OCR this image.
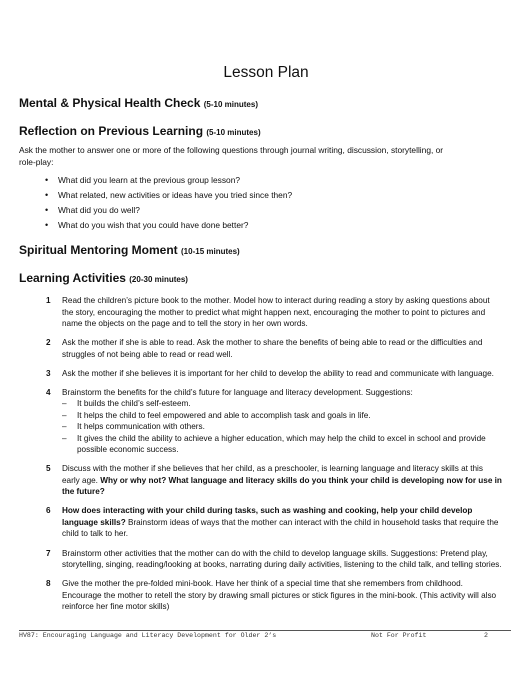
Lesson Plan
Mental & Physical Health Check (5-10 minutes)
Reflection on Previous Learning (5-10 minutes)
Ask the mother to answer one or more of the following questions through journal writing, discussion, storytelling, or role-play:
• What did you learn at the previous group lesson?
• What related, new activities or ideas have you tried since then?
• What did you do well?
• What do you wish that you could have done better?
Spiritual Mentoring Moment (10-15 minutes)
Learning Activities (20-30 minutes)
1 Read the children’s picture book to the mother. Model how to interact during reading a story by asking questions about the story, encouraging the mother to predict what might happen next, encouraging the mother to point to pictures and name the objects on the page and to tell the story in her own words.
2 Ask the mother if she is able to read. Ask the mother to share the benefits of being able to read or the difficulties and struggles of not being able to read or read well.
3 Ask the mother if she believes it is important for her child to develop the ability to read and communicate with language.
4 Brainstorm the benefits for the child’s future for language and literacy development. Suggestions:
– It builds the child’s self-esteem.
– It helps the child to feel empowered and able to accomplish task and goals in life.
– It helps communication with others.
– It gives the child the ability to achieve a higher education, which may help the child to excel in school and provide possible economic success.
5 Discuss with the mother if she believes that her child, as a preschooler, is learning language and literacy skills at this early age. Why or why not? What language and literacy skills do you think your child is developing now for use in the future?
6 How does interacting with your child during tasks, such as washing and cooking, help your child develop language skills? Brainstorm ideas of ways that the mother can interact with the child in household tasks that require the child to talk to her.
7 Brainstorm other activities that the mother can do with the child to develop language skills. Suggestions: Pretend play, storytelling, singing, reading/looking at books, narrating during daily activities, listening to the child talk, and telling stories.
8 Give the mother the pre-folded mini-book. Have her think of a special time that she remembers from childhood. Encourage the mother to retell the story by drawing small pictures or stick figures in the mini-book. (This activity will also reinforce her fine motor skills)
HV87: Encouraging Language and Literacy Development for Older 2’s	Not For Profit	2
